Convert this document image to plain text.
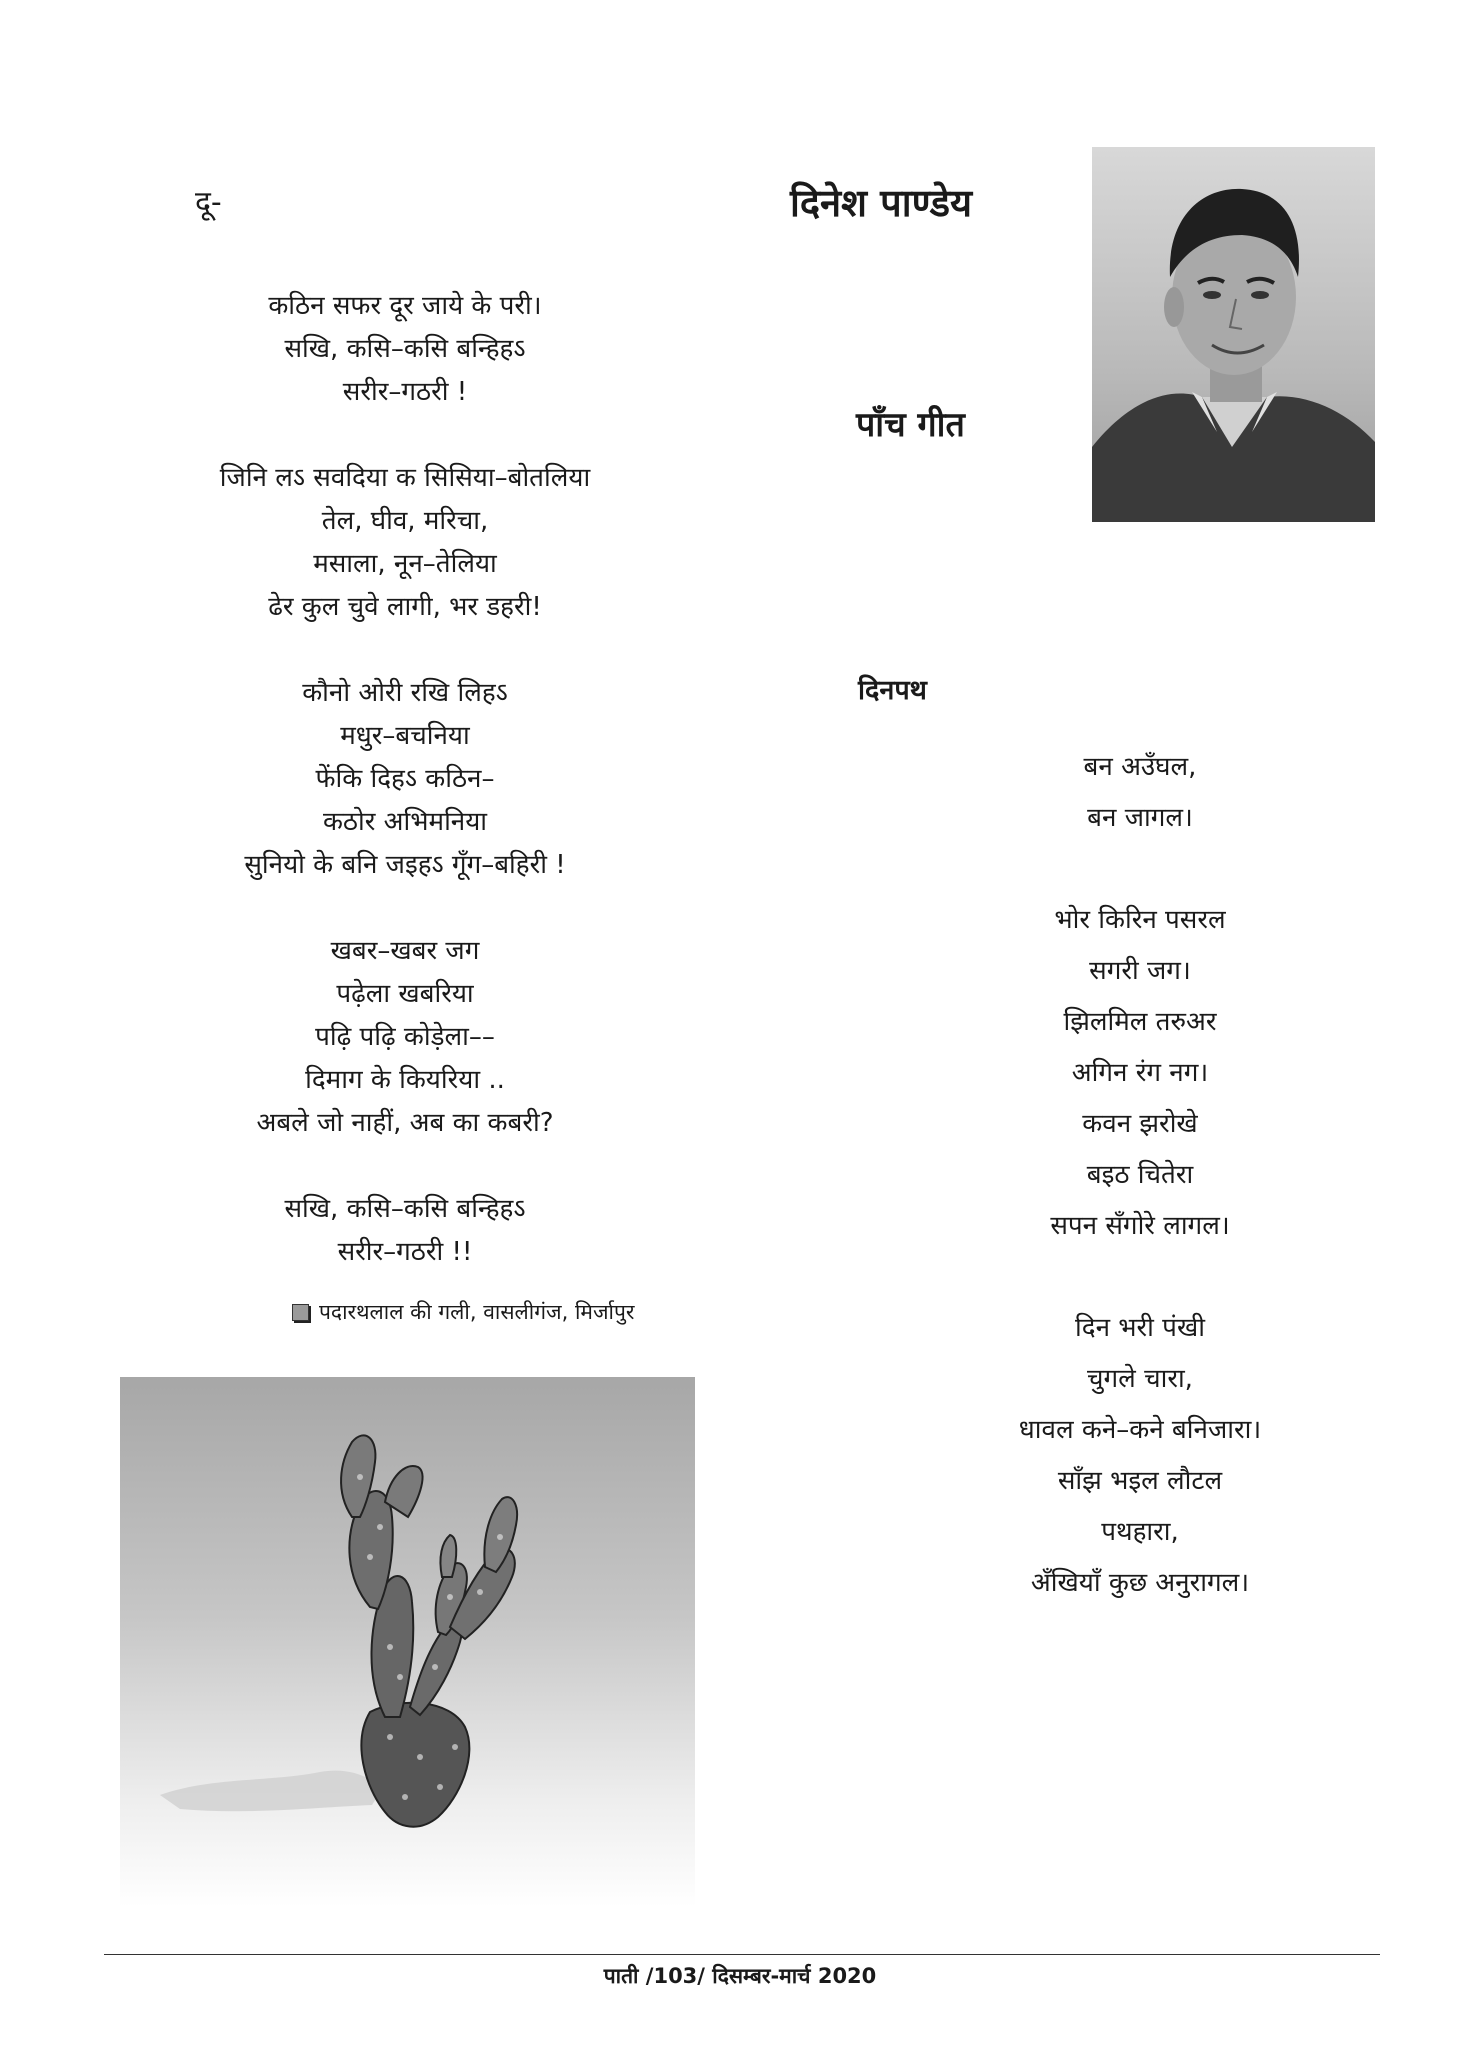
दू-
कठिन सफर दूर जाये के परी।
सखि, कसि–कसि बन्हिहऽ
सरीर–गठरी !
जिनि लऽ सवदिया क सिसिया–बोतलिया
तेल, घीव, मरिचा,
मसाला, नून–तेलिया
ढेर कुल चुवे लागी, भर डहरी!
कौनो ओरी रखि लिहऽ
मधुर–बचनिया
फेंकि दिहऽ कठिन–
कठोर अभिमनिया
सुनियो के बनि जइहऽ गूँग–बहिरी !
खबर–खबर जग
पढ़ेला खबरिया
पढ़ि पढ़ि कोड़ेला––
दिमाग के कियरिया ..
अबले जो नाहीं, अब का कबरी?
सखि, कसि–कसि बन्हिहऽ
सरीर–गठरी !!
पदारथलाल की गली, वासलीगंज, मिर्जापुर
दिनेश पाण्डेय
पाँच गीत
दिनपथ
बन अउँघल,
बन जागल।
भोर किरिन पसरल
सगरी जग।
झिलमिल तरुअर
अगिन रंग नग।
कवन झरोखे
बइठ चितेरा
सपन सँगोरे लागल।
दिन भरी पंखी
चुगले चारा,
धावल कने–कने बनिजारा।
साँझ भइल लौटल
पथहारा,
अँखियाँ कुछ अनुरागल।
पाती /103/ दिसम्बर-मार्च 2020
